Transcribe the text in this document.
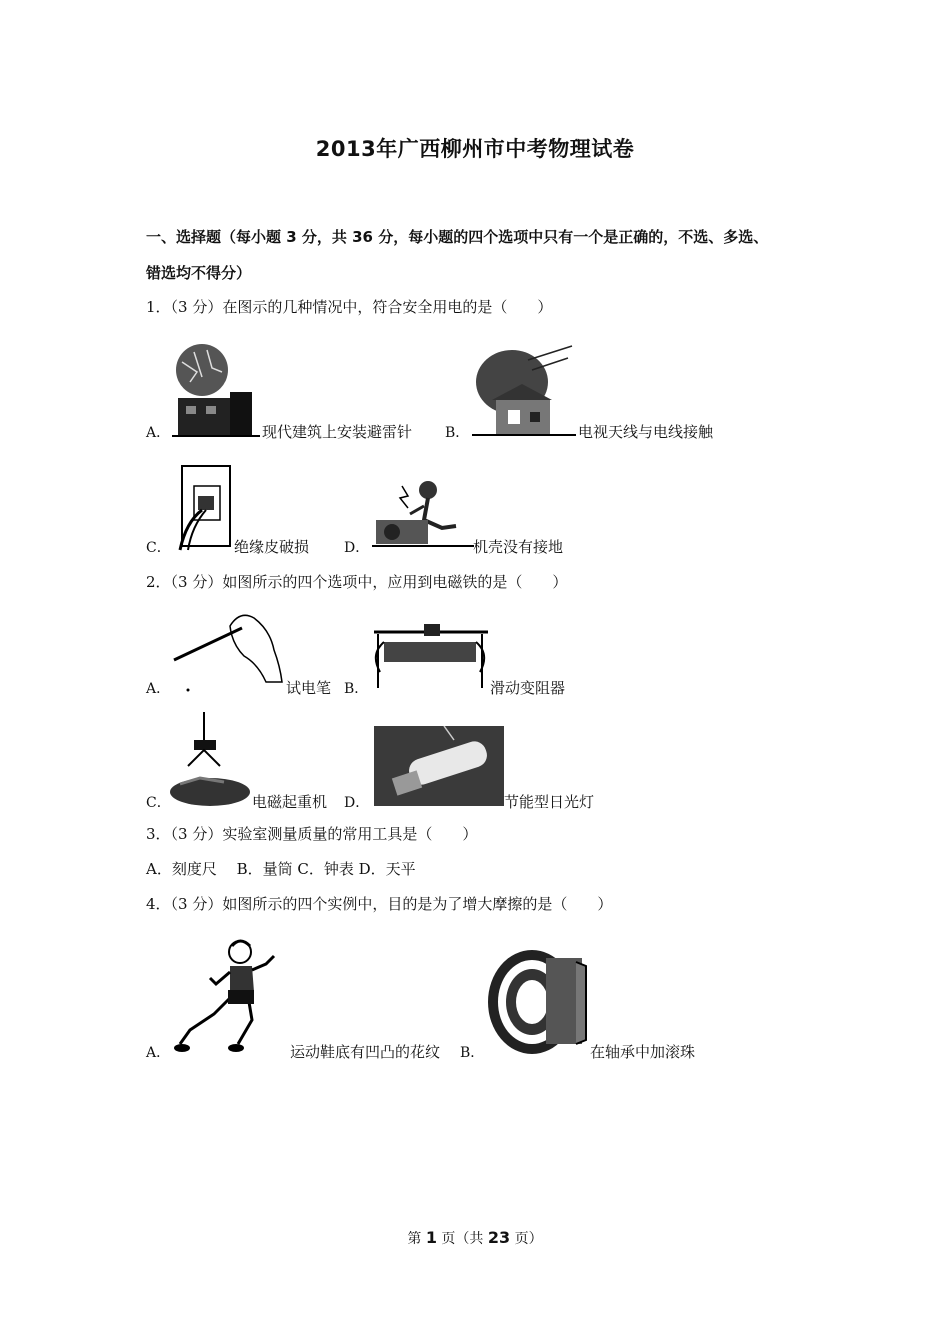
2013年广西柳州市中考物理试卷
一、选择题（每小题 3 分，共 36 分，每小题的四个选项中只有一个是正确的，不选、多选、
错选均不得分）
1．（3 分）在图示的几种情况中，符合安全用电的是（　　）
A．	现代建筑上安装避雷针 B．	电视天线与电线接触
C．	绝缘皮破损 D．	机壳没有接地
2．（3 分）如图所示的四个选项中，应用到电磁铁的是（　　）
A．	试电笔 B．	滑动变阻器
C．	电磁起重机 D．	节能型日光灯
3．（3 分）实验室测量质量的常用工具是（　　）
A．刻度尺　 B．量筒 C．钟表 D．天平
4．（3 分）如图所示的四个实例中，目的是为了增大摩擦的是（　　）
A．	运动鞋底有凹凸的花纹 B．	在轴承中加滚珠
第 1 页（共 23 页）
